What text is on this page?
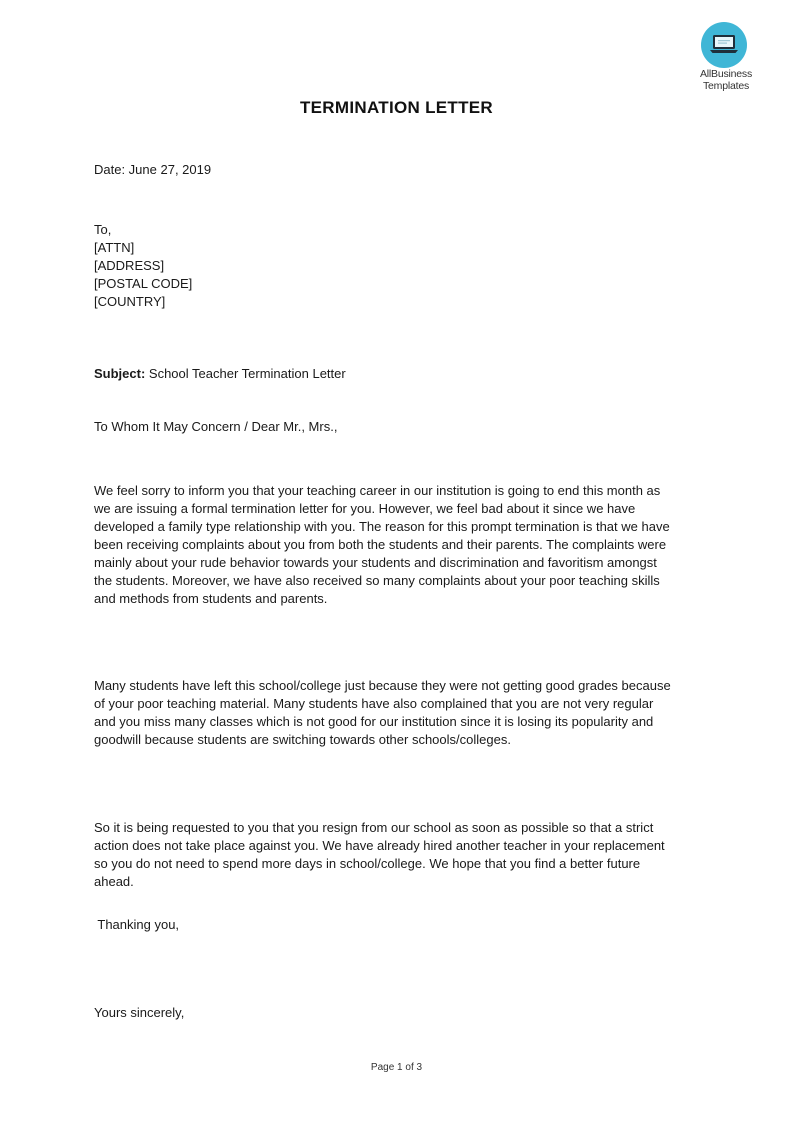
AllBusiness
Templates
TERMINATION LETTER
Date: June 27, 2019
To,
[ATTN]
[ADDRESS]
[POSTAL CODE]
[COUNTRY]
Subject: School Teacher Termination Letter
To Whom It May Concern / Dear Mr., Mrs.,
We feel sorry to inform you that your teaching career in our institution is going to end this month as
we are issuing a formal termination letter for you. However, we feel bad about it since we have
developed a family type relationship with you. The reason for this prompt termination is that we have
been receiving complaints about you from both the students and their parents. The complaints were
mainly about your rude behavior towards your students and discrimination and favoritism amongst
the students. Moreover, we have also received so many complaints about your poor teaching skills
and methods from students and parents.
Many students have left this school/college just because they were not getting good grades because
of your poor teaching material. Many students have also complained that you are not very regular
and you miss many classes which is not good for our institution since it is losing its popularity and
goodwill because students are switching towards other schools/colleges.
So it is being requested to you that you resign from our school as soon as possible so that a strict
action does not take place against you. We have already hired another teacher in your replacement
so you do not need to spend more days in school/college. We hope that you find a better future
ahead.
Thanking you,
Yours sincerely,
Page 1 of 3
